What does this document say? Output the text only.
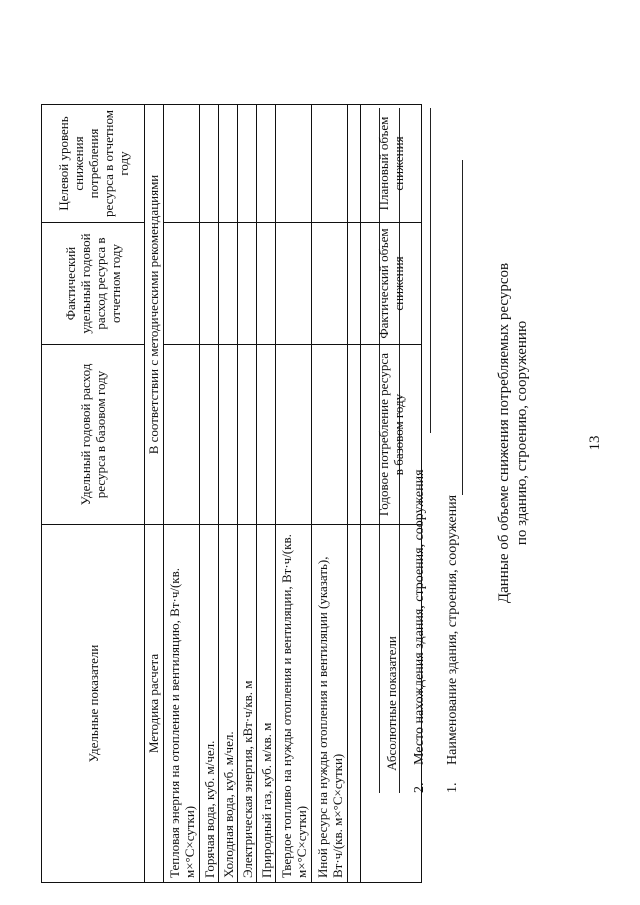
13
Данные об объеме снижения потребляемых ресурсов по зданию, строению, сооружению
1.     Наименование здания, строения, сооружения
2.     Место нахождения здания, строения, сооружения
Удельные показатели	Удельный годовой расход ресурса в базовом году	Фактический удельный годовой расход ресурса в отчетном году	Целевой уровень снижения потребления ресурса в отчетном году
Методика расчета	В соответствии с методическими рекомендациями		
Тепловая энергия на отопление и вентиляцию, Вт·ч/(кв. м×°C×сутки)			
Горячая вода, куб. м/чел.			
Холодная вода, куб. м/чел.			
Электрическая энергия, кВт·ч/кв. м			
Природный газ, куб. м/кв. м			
Твердое топливо на нужды отопления и вентиляции, Вт·ч/(кв. м×°C×сутки)			
Иной ресурс на нужды отопления и вентиляции (указать), Вт·ч/(кв. м×°C×сутки)			

Абсолютные показатели	Годовое потребление ресурса в базовом году	Фактический объем снижения	Плановый объем снижения
